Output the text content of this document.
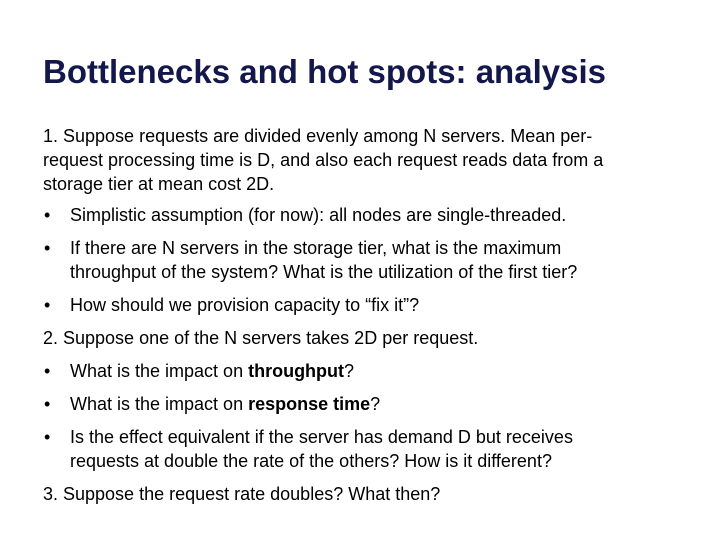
Bottlenecks and hot spots: analysis

1. Suppose requests are divided evenly among N servers. Mean per-
request processing time is D, and also each request reads data from a
storage tier at mean cost 2D.

• Simplistic assumption (for now): all nodes are single-threaded.
• If there are N servers in the storage tier, what is the maximum
throughput of the system? What is the utilization of the first tier?
• How should we provision capacity to “fix it”?

2. Suppose one of the N servers takes 2D per request.

• What is the impact on throughput?
• What is the impact on response time?
• Is the effect equivalent if the server has demand D but receives
requests at double the rate of the others? How is it different?

3. Suppose the request rate doubles? What then?
